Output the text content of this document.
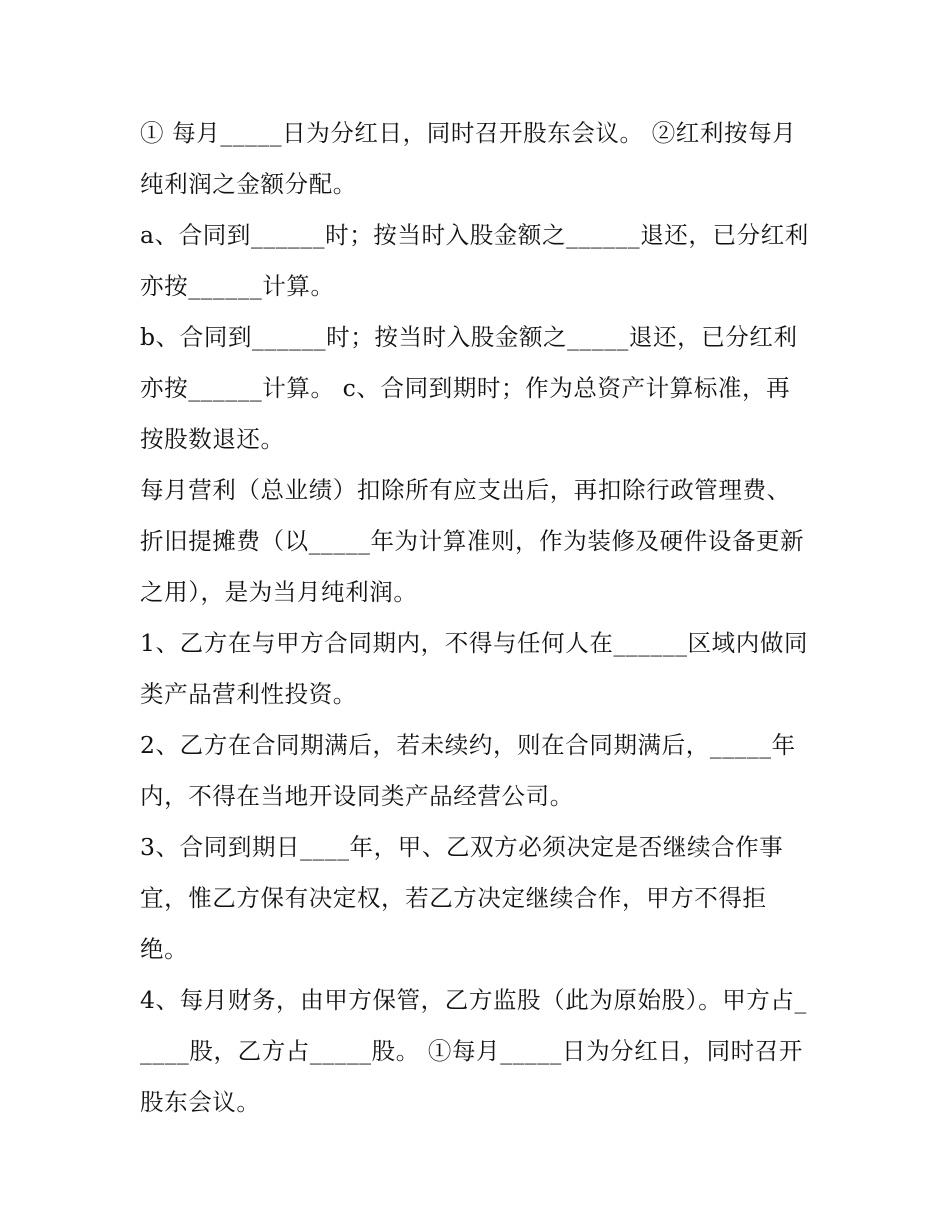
① 每月_____日为分红日，同时召开股东会议。 ②红利按每月纯利润之金额分配。

a、合同到______时；按当时入股金额之______退还，已分红利亦按______计算。

b、合同到______时；按当时入股金额之_____退还，已分红利亦按______计算。 c、合同到期时；作为总资产计算标准，再按股数退还。

每月营利（总业绩）扣除所有应支出后，再扣除行政管理费、折旧提摊费（以_____年为计算准则，作为装修及硬件设备更新之用），是为当月纯利润。

1、乙方在与甲方合同期内，不得与任何人在______区域内做同类产品营利性投资。

2、乙方在合同期满后，若未续约，则在合同期满后，_____年内，不得在当地开设同类产品经营公司。

3、合同到期日____年，甲、乙双方必须决定是否继续合作事宜，惟乙方保有决定权，若乙方决定继续合作，甲方不得拒绝。

4、每月财务，由甲方保管，乙方监股（此为原始股）。甲方占_____股，乙方占_____股。 ①每月_____日为分红日，同时召开股东会议。
